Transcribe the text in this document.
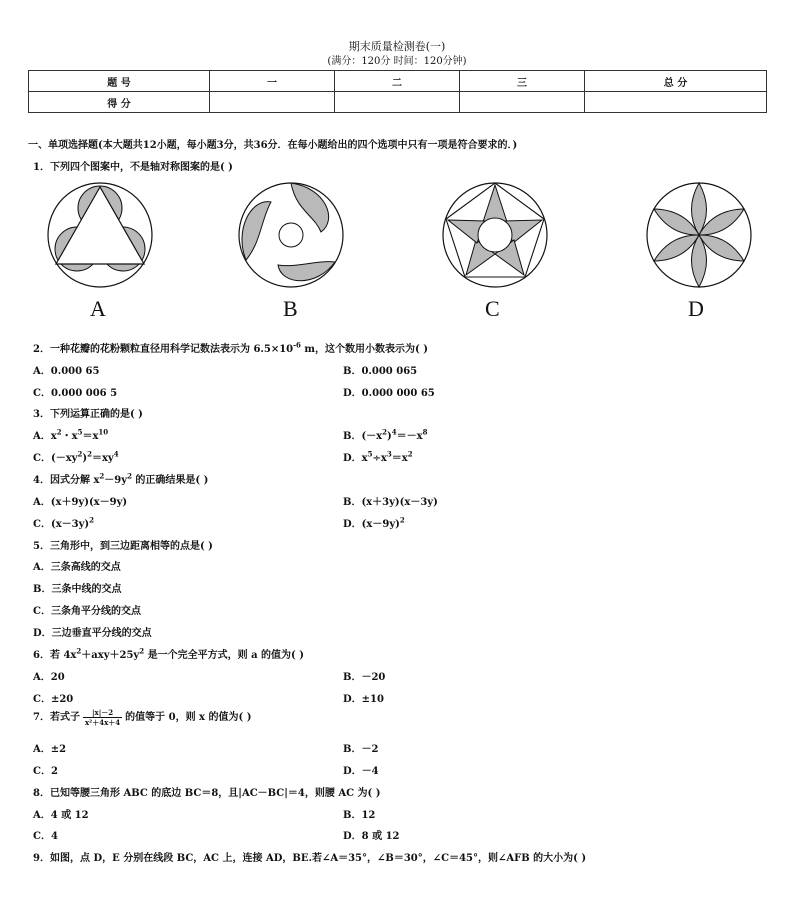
期末质量检测卷(一)
(满分：120分 时间：120分钟)
题 号	一	二	三	总 分
得 分				
一、单项选择题(本大题共12小题，每小题3分，共36分．在每小题给出的四个选项中只有一项是符合要求的．)
1．下列四个图案中，不是轴对称图案的是( )
A	B	C	D
2．一种花瓣的花粉颗粒直径用科学记数法表示为 $6.5\times 10^{-6}$ m，这个数用小数表示为( )
A．0.000 65	B．0.000 065
C．0.000 006 5	D．0.000 000 65
3．下列运算正确的是( )
A．$x^2$・$x^5=x^{10}$	B．$(-x^2)^4=-x^8$
C．$(-xy^2)^2=xy^4$	D．$x^5\div x^3=x^2$
4．因式分解 $x^2-9y^2$ 的正确结果是( )
A．(x＋9y)(x－9y)	B．(x＋3y)(x－3y)
C．$(x-3y)^2$	D．$(x-9y)^2$
5．三角形中，到三边距离相等的点是( )
A．三条高线的交点
B．三条中线的交点
C．三条角平分线的交点
D．三边垂直平分线的交点
6．若 $4x^2+axy+25y^2$ 是一个完全平方式，则 a 的值为( )
A．20	B．－20
C．±20	D．±10
7．若式子 $\frac{|x|-2}{\text{x²＋4x＋4}}$ 的值等于 0，则 x 的值为( )
A．±2	B．－2
C．2	D．－4
8．已知等腰三角形 ABC 的底边 BC＝8，且|AC－BC|＝4，则腰 AC 为( )
A．4 或 12	B．12
C．4	D．8 或 12
9．如图，点 D，E 分别在线段 BC，AC 上，连接 AD，BE.若∠A＝35°，∠B＝30°，∠C＝45°，则∠AFB 的大小为( )
